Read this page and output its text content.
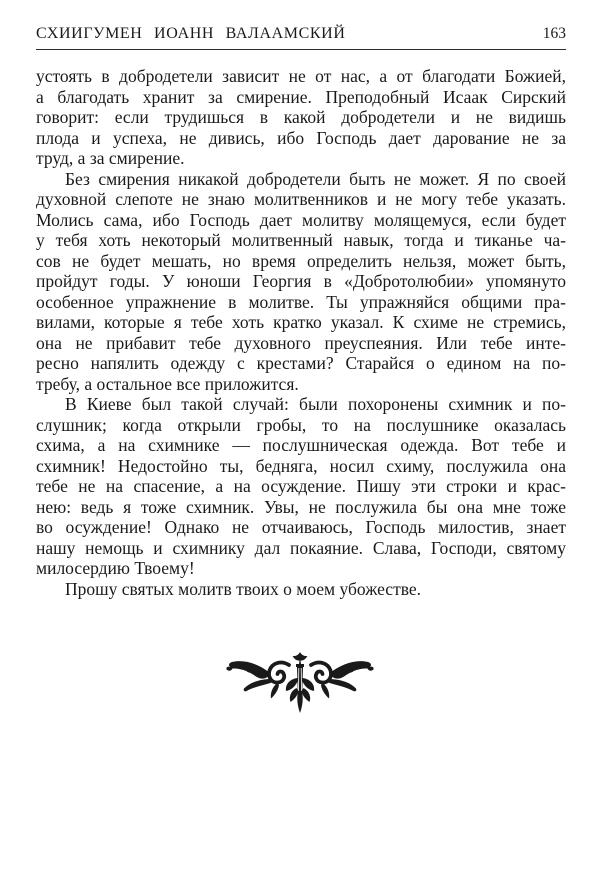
СХИИГУМЕН ИОАНН ВАЛААМСКИЙ	163
устоять в добродетели зависит не от нас, а от благодати Божией,
а благодать хранит за смирение. Преподобный Исаак Сирский
говорит: если трудишься в какой добродетели и не видишь
плода и успеха, не дивись, ибо Господь дает дарование не за
труд, а за смирение.
Без смирения никакой добродетели быть не может. Я по своей
духовной слепоте не знаю молитвенников и не могу тебе указать.
Молись сама, ибо Господь дает молитву молящемуся, если будет
у тебя хоть некоторый молитвенный навык, тогда и тиканье ча-
сов не будет мешать, но время определить нельзя, может быть,
пройдут годы. У юноши Георгия в «Добротолюбии» упомянуто
особенное упражнение в молитве. Ты упражняйся общими пра-
вилами, которые я тебе хоть кратко указал. К схиме не стремись,
она не прибавит тебе духовного преуспеяния. Или тебе инте-
ресно напялить одежду с крестами? Старайся о едином на по-
требу, а остальное все приложится.
В Киеве был такой случай: были похоронены схимник и по-
слушник; когда открыли гробы, то на послушнике оказалась
схима, а на схимнике — послушническая одежда. Вот тебе и
схимник! Недостойно ты, бедняга, носил схиму, послужила она
тебе не на спасение, а на осуждение. Пишу эти строки и крас-
нею: ведь я тоже схимник. Увы, не послужила бы она мне тоже
во осуждение! Однако не отчаиваюсь, Господь милостив, знает
нашу немощь и схимнику дал покаяние. Слава, Господи, святому
милосердию Твоему!
Прошу святых молитв твоих о моем убожестве.
